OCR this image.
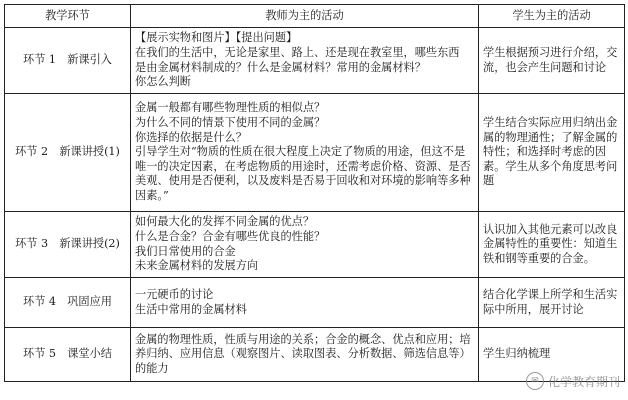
教学环节	教师为主的活动	学生为主的活动
环节 1　新课引入	【展示实物和图片】【提出问题】
在我们的生活中，无论是家里、路上、还是现在教室里，哪些东西
是由金属材料制成的？什么是金属材料？常用的金属材料？
你怎么判断	学生根据预习进行介绍，交流，也会产生问题和讨论
环节 2　新课讲授(1)	金属一般都有哪些物理性质的相似点？
为什么不同的情景下使用不同的金属？
你选择的依据是什么？
引导学生对“物质的性质在很大程度上决定了物质的用途，但这不是唯一的决定因素，在考虑物质的用途时，还需考虑价格、资源、是否美观、使用是否便利，以及废料是否易于回收和对环境的影响等多种因素。”	学生结合实际应用归纳出金属的物理通性；了解金属的特性；和选择时考虑的因素。学生从多个角度思考问题
环节 3　新课讲授(2)	如何最大化的发挥不同金属的优点？
什么是合金？合金有哪些优良的性能？
我们日常使用的合金
未来金属材料的发展方向	认识加入其他元素可以改良金属特性的重要性：知道生铁和钢等重要的合金。
环节 4　巩固应用	一元硬币的讨论
生活中常用的金属材料	结合化学课上所学和生活实际中所用，展开讨论
环节 5　课堂小结	金属的物理性质，性质与用途的关系；合金的概念、优点和应用；培养归纳、应用信息（观察图片、读取图表、分析数据、筛选信息等）的能力	学生归纳梳理
✉ 化学教育期刊
